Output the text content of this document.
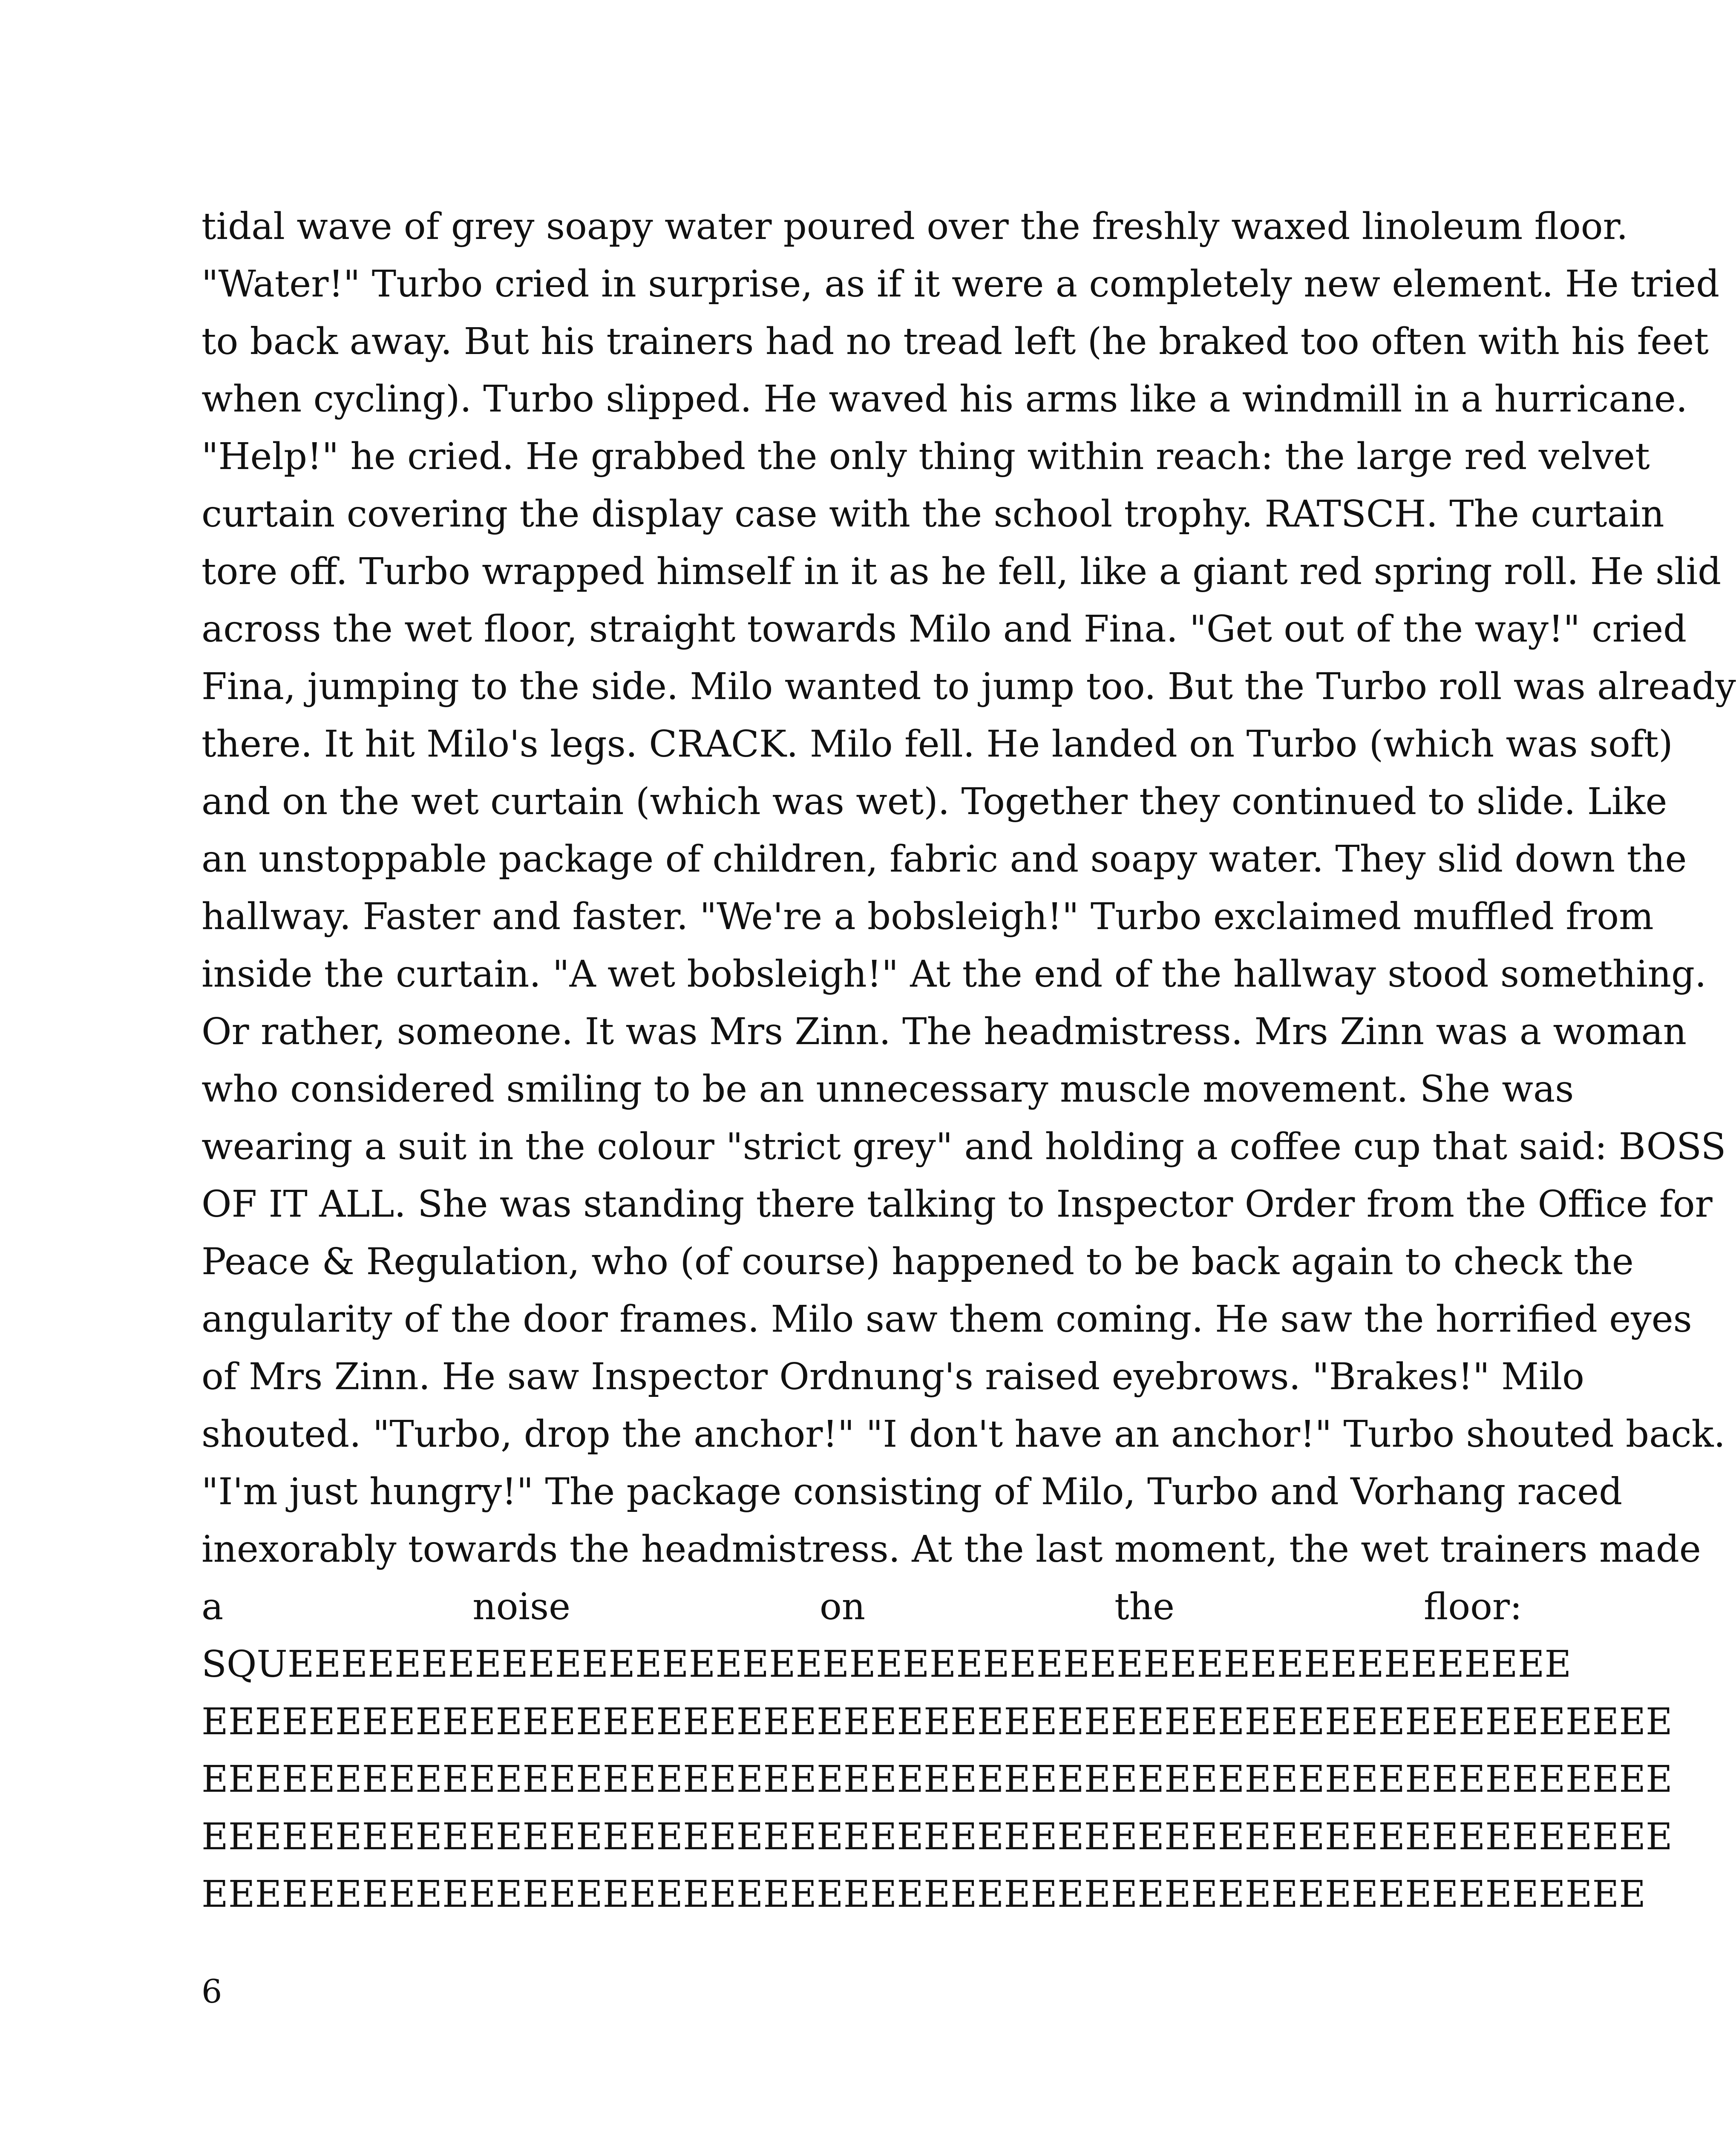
tidal wave of grey soapy water poured over the freshly waxed linoleum floor.
"Water!" Turbo cried in surprise, as if it were a completely new element. He tried
to back away. But his trainers had no tread left (he braked too often with his feet
when cycling). Turbo slipped. He waved his arms like a windmill in a hurricane.
"Help!" he cried. He grabbed the only thing within reach: the large red velvet
curtain covering the display case with the school trophy. RATSCH. The curtain
tore off. Turbo wrapped himself in it as he fell, like a giant red spring roll. He slid
across the wet floor, straight towards Milo and Fina. "Get out of the way!" cried
Fina, jumping to the side. Milo wanted to jump too. But the Turbo roll was already
there. It hit Milo's legs. CRACK. Milo fell. He landed on Turbo (which was soft)
and on the wet curtain (which was wet). Together they continued to slide. Like
an unstoppable package of children, fabric and soapy water. They slid down the
hallway. Faster and faster. "We're a bobsleigh!" Turbo exclaimed muffled from
inside the curtain. "A wet bobsleigh!" At the end of the hallway stood something.
Or rather, someone. It was Mrs Zinn. The headmistress. Mrs Zinn was a woman
who considered smiling to be an unnecessary muscle movement. She was
wearing a suit in the colour "strict grey" and holding a coffee cup that said: BOSS
OF IT ALL. She was standing there talking to Inspector Order from the Office for
Peace & Regulation, who (of course) happened to be back again to check the
angularity of the door frames. Milo saw them coming. He saw the horrified eyes
of Mrs Zinn. He saw Inspector Ordnung's raised eyebrows. "Brakes!" Milo
shouted. "Turbo, drop the anchor!" "I don't have an anchor!" Turbo shouted back.
"I'm just hungry!" The package consisting of Milo, Turbo and Vorhang raced
inexorably towards the headmistress. At the last moment, the wet trainers made
a noise on the floor:
SQUEEEEEEEEEEEEEEEEEEEEEEEEEEEEEEEEEEEEEEEEEEEEEEEE
EEEEEEEEEEEEEEEEEEEEEEEEEEEEEEEEEEEEEEEEEEEEEEEEEEEEEEE
EEEEEEEEEEEEEEEEEEEEEEEEEEEEEEEEEEEEEEEEEEEEEEEEEEEEEEE
EEEEEEEEEEEEEEEEEEEEEEEEEEEEEEEEEEEEEEEEEEEEEEEEEEEEEEE
EEEEEEEEEEEEEEEEEEEEEEEEEEEEEEEEEEEEEEEEEEEEEEEEEEEEEE
6
